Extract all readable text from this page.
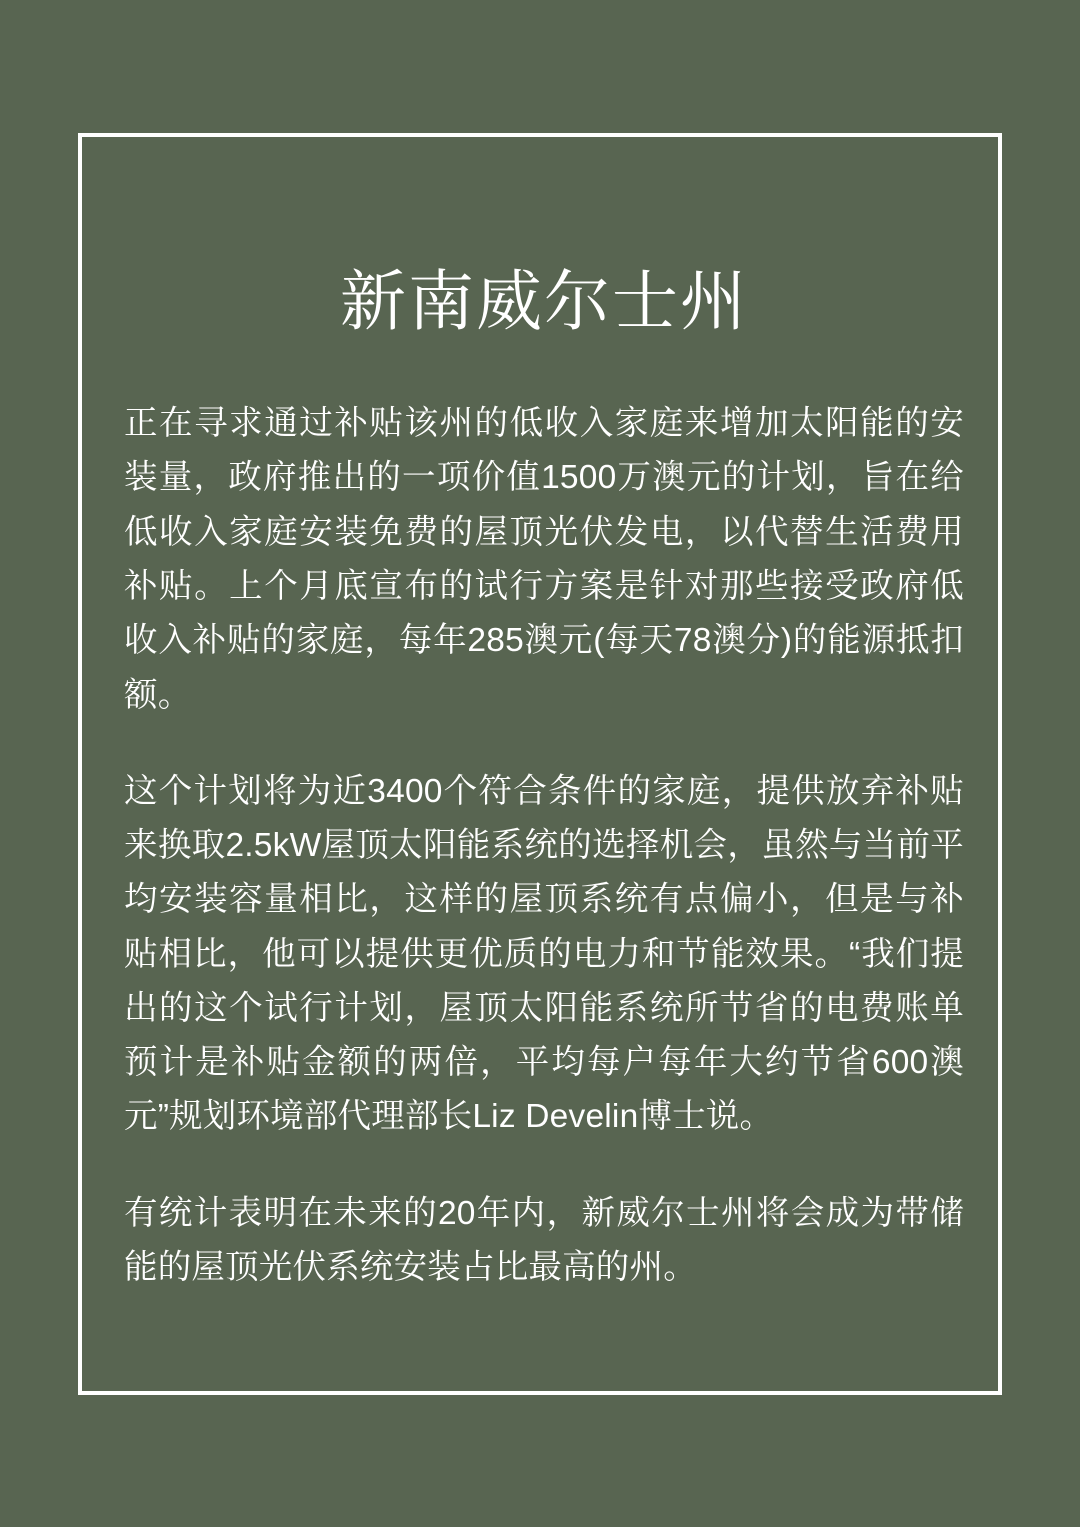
新南威尔士州

正在寻求通过补贴该州的低收入家庭来增加太阳能的安装量，政府推出的一项价值1500万澳元的计划，旨在给低收入家庭安装免费的屋顶光伏发电，以代替生活费用补贴。上个月底宣布的试行方案是针对那些接受政府低收入补贴的家庭，每年285澳元(每天78澳分)的能源抵扣额。

这个计划将为近3400个符合条件的家庭，提供放弃补贴来换取2.5kW屋顶太阳能系统的选择机会，虽然与当前平均安装容量相比，这样的屋顶系统有点偏小，但是与补贴相比，他可以提供更优质的电力和节能效果。“我们提出的这个试行计划，屋顶太阳能系统所节省的电费账单预计是补贴金额的两倍，平均每户每年大约节省600澳元”规划环境部代理部长Liz Develin博士说。

有统计表明在未来的20年内，新威尔士州将会成为带储能的屋顶光伏系统安装占比最高的州。
